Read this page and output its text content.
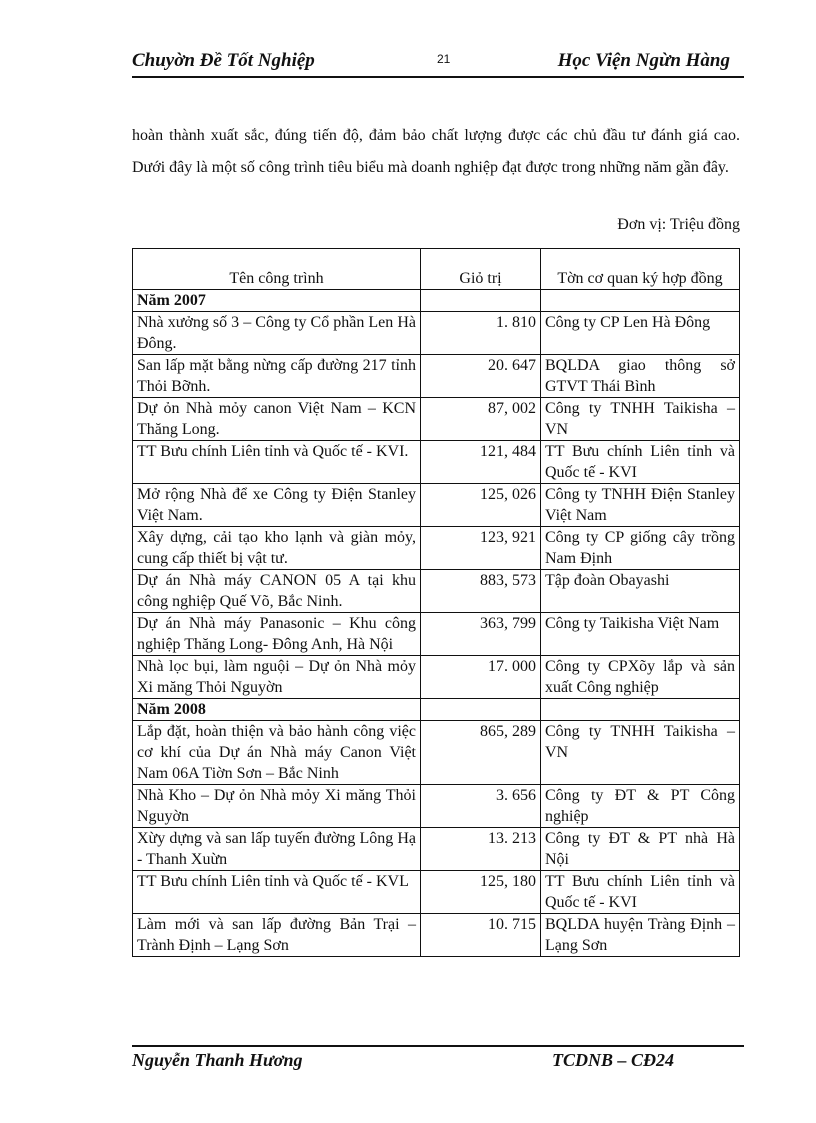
Chuyờn Đề Tốt Nghiệp	21	Học Viện Ngừn Hàng

hoàn thành xuất sắc, đúng tiến độ, đảm bảo chất lượng được các chủ đầu tư đánh giá cao. Dưới đây là một số công trình tiêu biểu mà doanh nghiệp đạt được trong những năm gần đây.

Đơn vị: Triệu đồng
Tên công trình	Giỏ trị	Tờn cơ quan ký hợp đồng
Năm 2007		
Nhà xưởng số 3 – Công ty Cổ phần Len Hà Đông.	1. 810	Công ty CP Len Hà Đông
San lấp mặt bằng nừng cấp đường 217 tỉnh Thỏi Bỡnh.	20. 647	BQLDA giao thông sở GTVT Thái Bình
Dự ỏn Nhà mỏy canon Việt Nam – KCN Thăng Long.	87, 002	Công ty TNHH Taikisha – VN
TT Bưu chính Liên tỉnh và Quốc tế - KVI.	121, 484	TT Bưu chính Liên tỉnh và Quốc tế - KVI
Mở rộng Nhà để xe Công ty Điện Stanley Việt Nam.	125, 026	Công ty TNHH Điện Stanley Việt Nam
Xây dựng, cải tạo kho lạnh và giàn mỏy, cung cấp thiết bị vật tư.	123, 921	Công ty CP giống cây trồng Nam Định
Dự án Nhà máy CANON 05 A tại khu công nghiệp Quế Võ, Bắc Ninh.	883, 573	Tập đoàn Obayashi
Dự án Nhà máy Panasonic – Khu công nghiệp Thăng Long- Đông Anh, Hà Nội	363, 799	Công ty Taikisha Việt Nam
Nhà lọc bụi, làm nguội – Dự ỏn Nhà mỏy Xi măng Thỏi Nguyờn	17. 000	Công ty CPXõy lắp và sản xuất Công nghiệp
Năm 2008		
Lắp đặt, hoàn thiện và bảo hành công việc cơ khí của Dự án Nhà máy Canon Việt Nam 06A Tiờn Sơn – Bắc Ninh	865, 289	Công ty TNHH Taikisha – VN
Nhà Kho – Dự ỏn Nhà mỏy Xi măng Thỏi Nguyờn	3. 656	Công ty ĐT & PT Công nghiệp
Xừy dựng và san lấp tuyến đường Lông Hạ - Thanh Xuừn	13. 213	Công ty ĐT & PT nhà Hà Nội
TT Bưu chính Liên tỉnh và Quốc tế - KVL	125, 180	TT Bưu chính Liên tỉnh và Quốc tế - KVI
Làm mới và san lấp đường Bản Trại – Trành Định – Lạng Sơn	10. 715	BQLDA huyện Tràng Định – Lạng Sơn
Nguyễn Thanh Hương	TCDNB – CĐ24
